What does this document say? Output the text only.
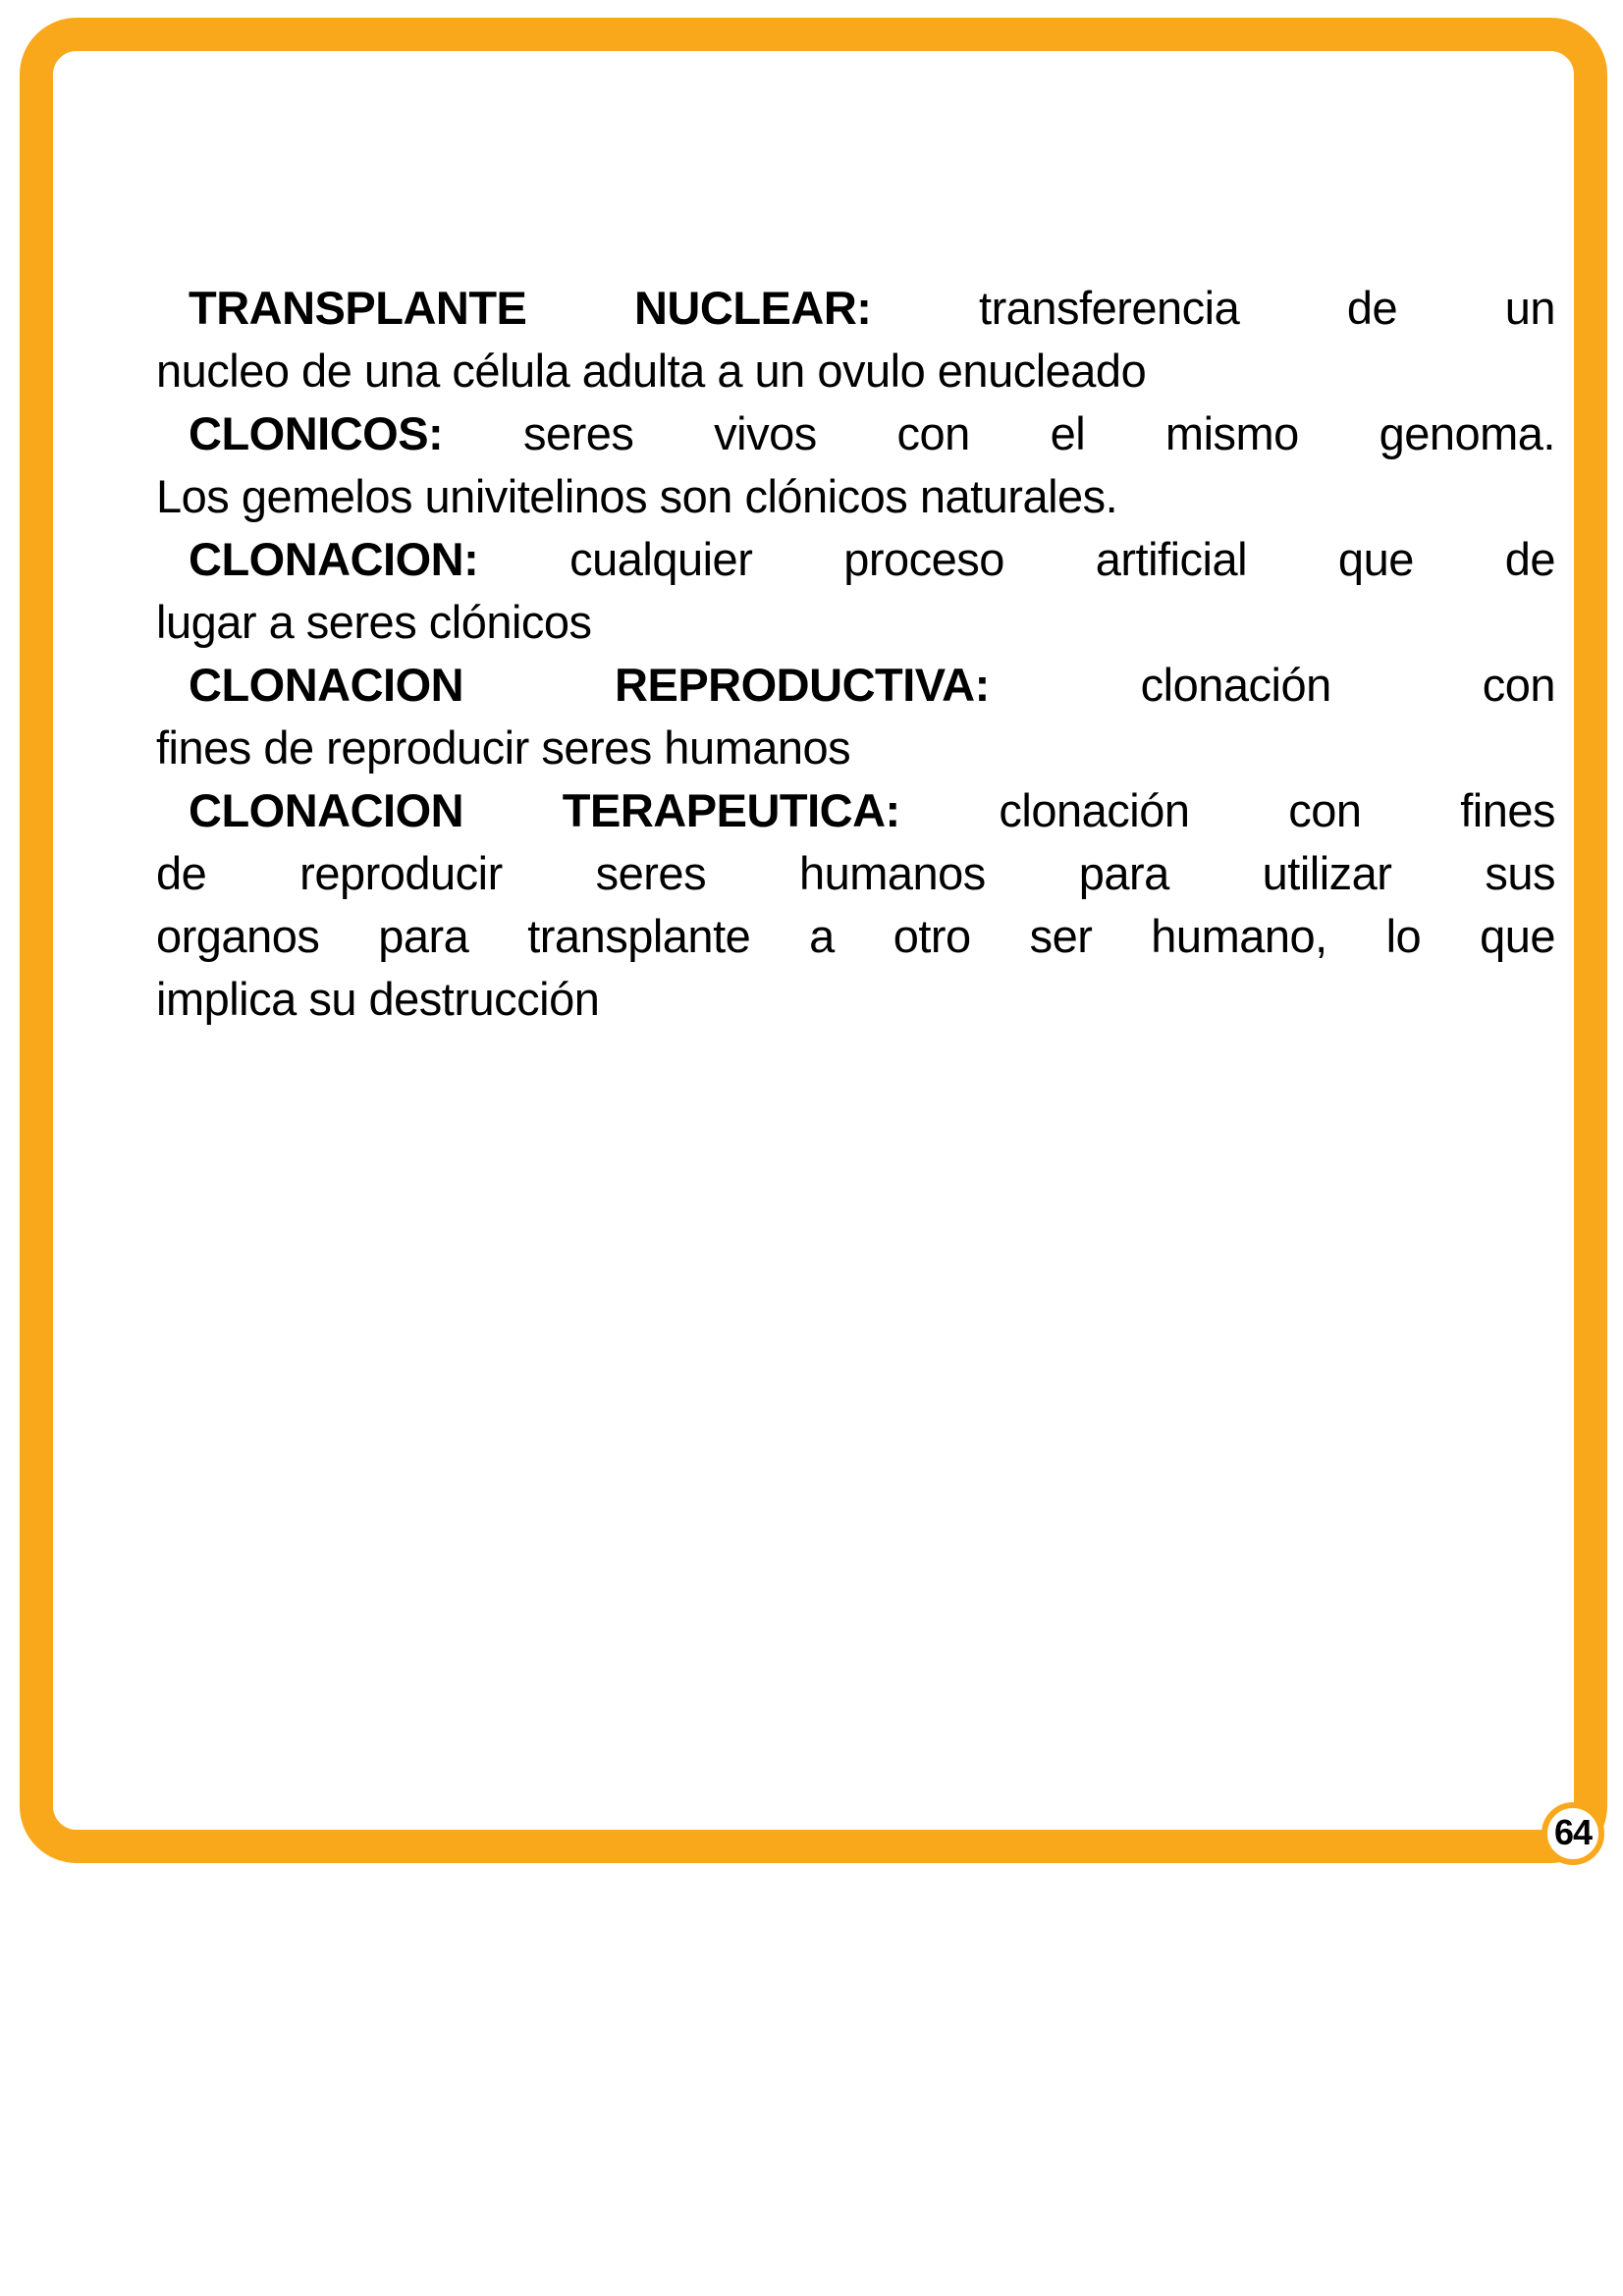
TRANSPLANTE NUCLEAR: transferencia de un
nucleo de una célula adulta a un ovulo enucleado
CLONICOS: seres vivos con el mismo genoma.
Los gemelos univitelinos son clónicos naturales.
CLONACION: cualquier proceso artificial que de
lugar a seres clónicos
CLONACION REPRODUCTIVA: clonación con
fines de reproducir seres humanos
CLONACION TERAPEUTICA: clonación con fines
de reproducir seres humanos para utilizar sus
organos para transplante a otro ser humano, lo que
implica su destrucción
64
